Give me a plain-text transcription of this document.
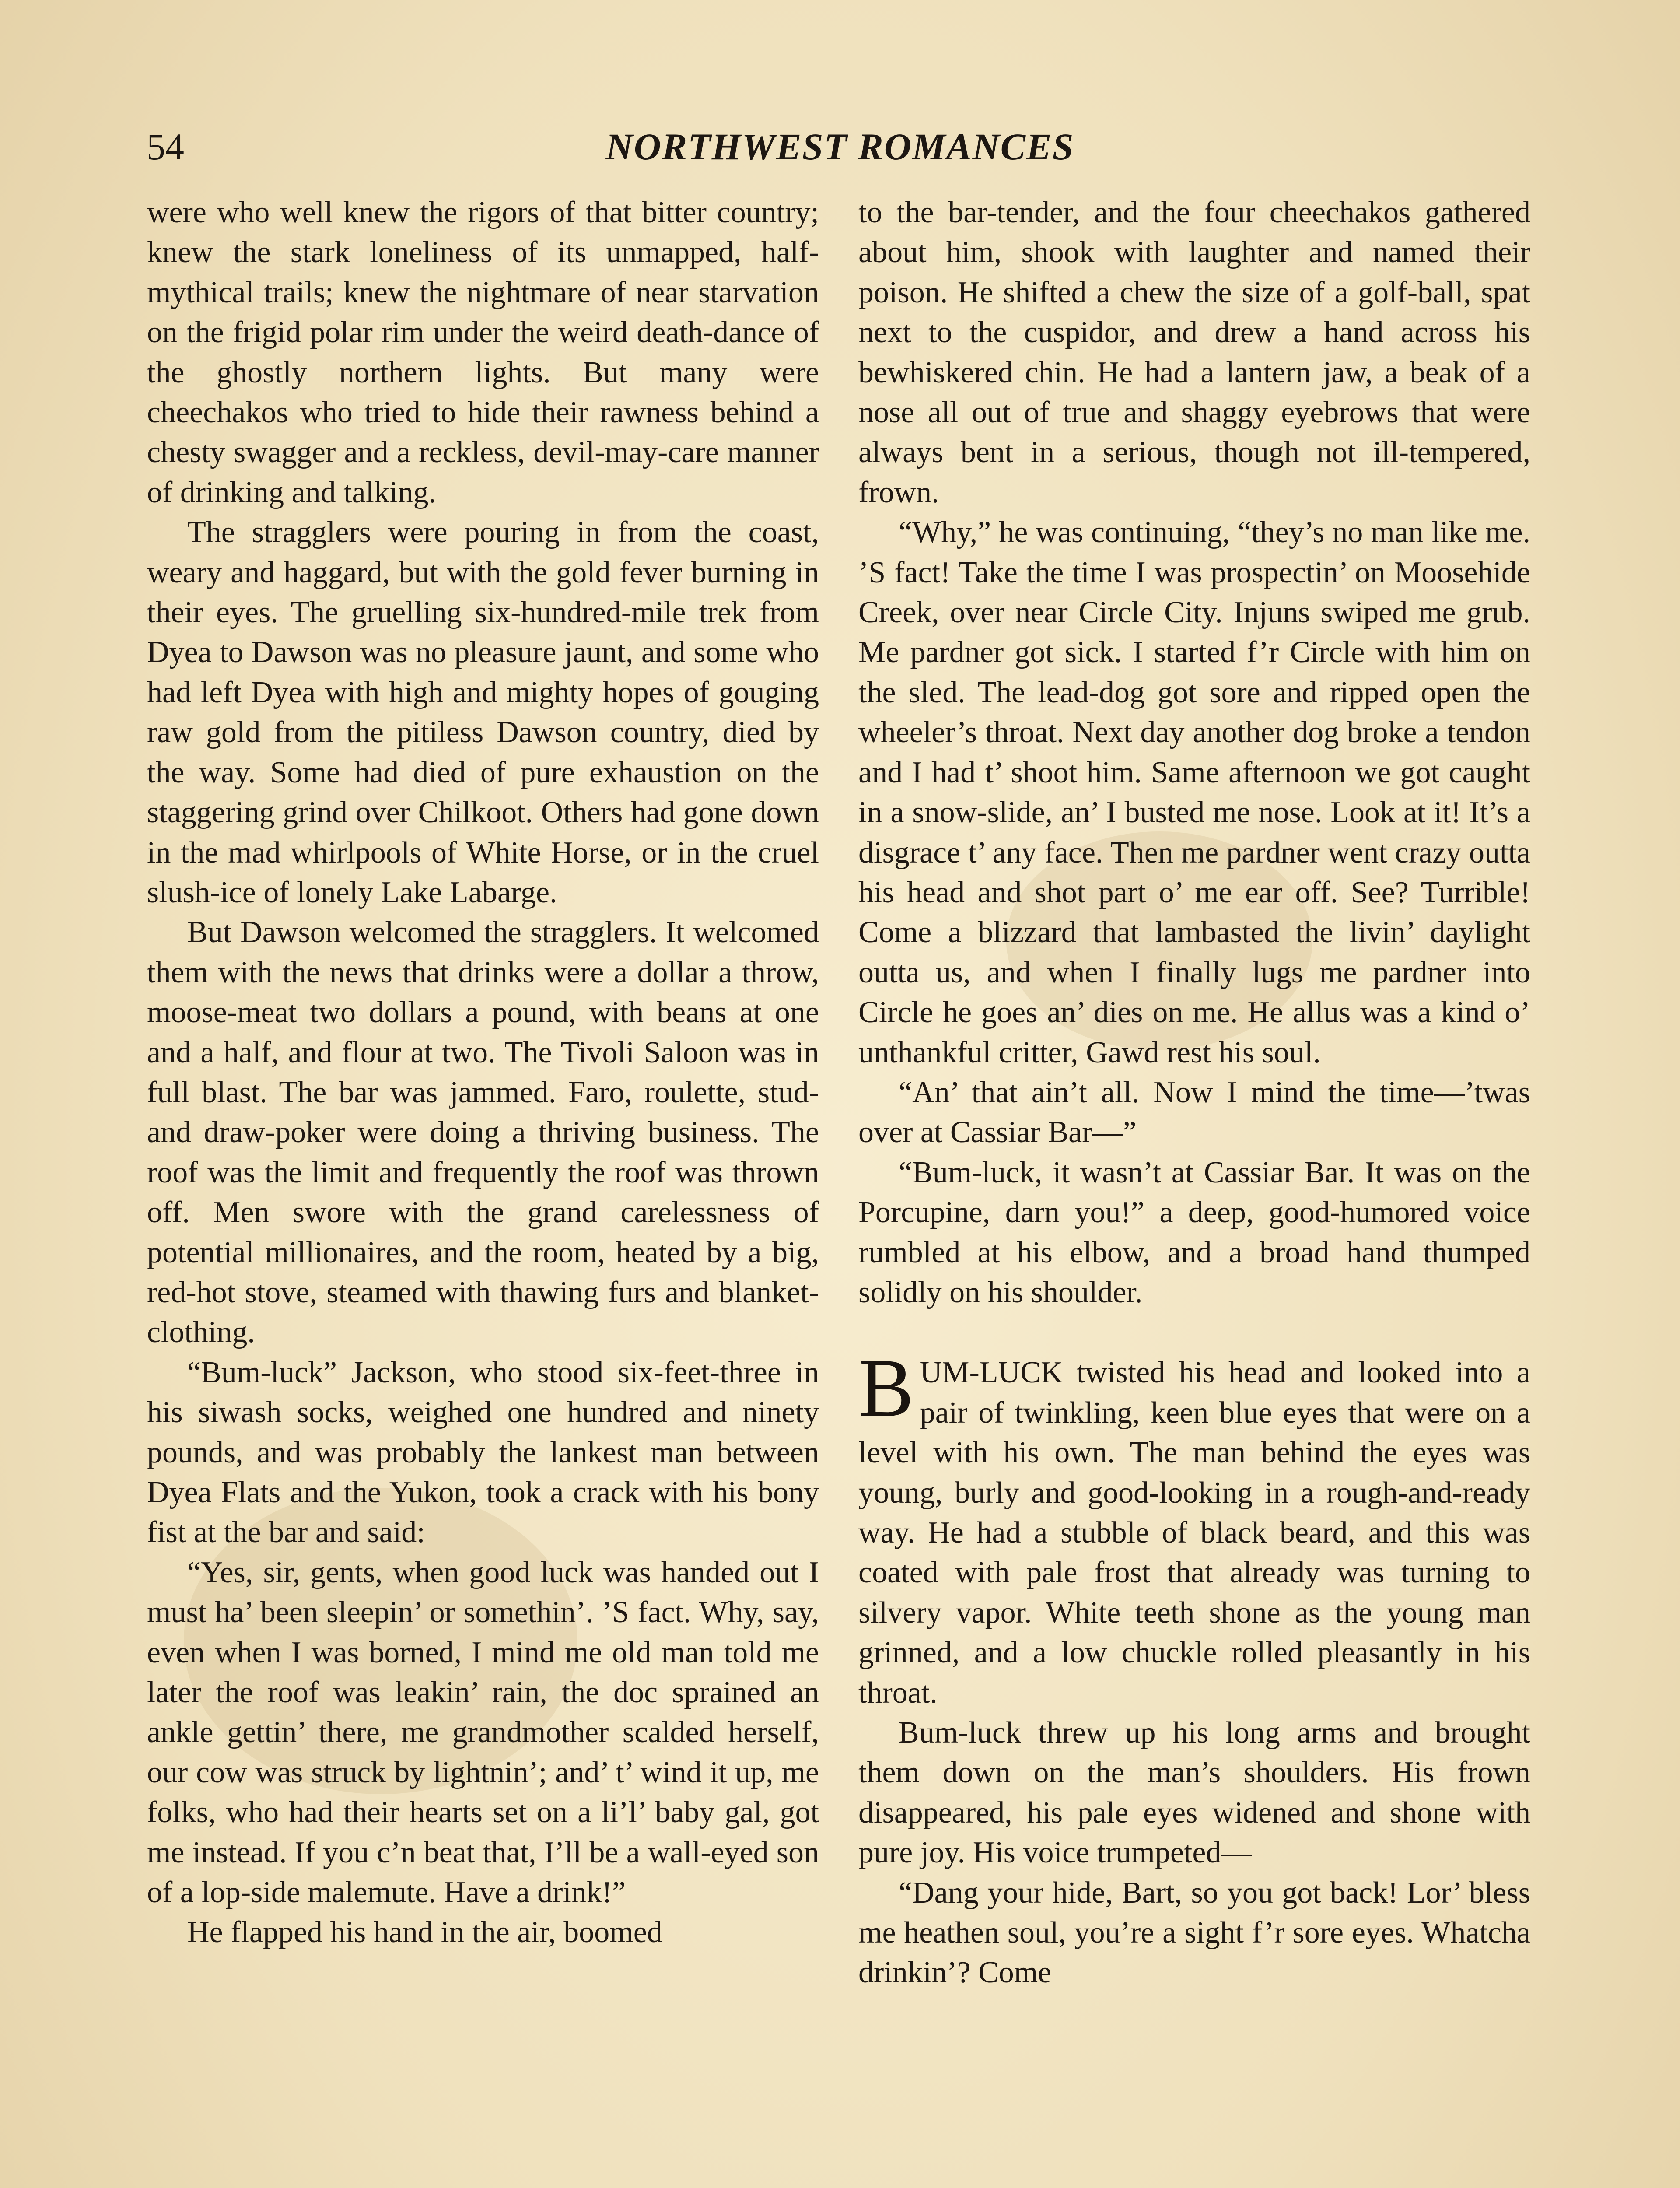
54	NORTHWEST ROMANCES

were who well knew the rigors of that bitter country; knew the stark loneliness of its unmapped, half-mythical trails; knew the nightmare of near starvation on the frigid polar rim under the weird death-dance of the ghostly northern lights. But many were cheechakos who tried to hide their rawness behind a chesty swagger and a reckless, devil-may-care manner of drinking and talking.

The stragglers were pouring in from the coast, weary and haggard, but with the gold fever burning in their eyes. The gruelling six-hundred-mile trek from Dyea to Dawson was no pleasure jaunt, and some who had left Dyea with high and mighty hopes of gouging raw gold from the pitiless Dawson country, died by the way. Some had died of pure exhaustion on the staggering grind over Chilkoot. Others had gone down in the mad whirlpools of White Horse, or in the cruel slush-ice of lonely Lake Labarge.

But Dawson welcomed the stragglers. It welcomed them with the news that drinks were a dollar a throw, moose-meat two dollars a pound, with beans at one and a half, and flour at two. The Tivoli Saloon was in full blast. The bar was jammed. Faro, roulette, stud- and draw-poker were doing a thriving business. The roof was the limit and frequently the roof was thrown off. Men swore with the grand carelessness of potential millionaires, and the room, heated by a big, red-hot stove, steamed with thawing furs and blanket-clothing.

“Bum-luck” Jackson, who stood six-feet-three in his siwash socks, weighed one hundred and ninety pounds, and was probably the lankest man between Dyea Flats and the Yukon, took a crack with his bony fist at the bar and said:

“Yes, sir, gents, when good luck was handed out I must ha’ been sleepin’ or somethin’. ’S fact. Why, say, even when I was borned, I mind me old man told me later the roof was leakin’ rain, the doc sprained an ankle gettin’ there, me grandmother scalded herself, our cow was struck by lightnin’; and’ t’ wind it up, me folks, who had their hearts set on a li’l’ baby gal, got me instead. If you c’n beat that, I’ll be a wall-eyed son of a lop-side malemute. Have a drink!”

He flapped his hand in the air, boomed

to the bar-tender, and the four cheechakos gathered about him, shook with laughter and named their poison. He shifted a chew the size of a golf-ball, spat next to the cuspidor, and drew a hand across his bewhiskered chin. He had a lantern jaw, a beak of a nose all out of true and shaggy eyebrows that were always bent in a serious, though not ill-tempered, frown.

“Why,” he was continuing, “they’s no man like me. ’S fact! Take the time I was prospectin’ on Moosehide Creek, over near Circle City. Injuns swiped me grub. Me pardner got sick. I started f’r Circle with him on the sled. The lead-dog got sore and ripped open the wheeler’s throat. Next day another dog broke a tendon and I had t’ shoot him. Same afternoon we got caught in a snow-slide, an’ I busted me nose. Look at it! It’s a disgrace t’ any face. Then me pardner went crazy outta his head and shot part o’ me ear off. See? Turrible! Come a blizzard that lambasted the livin’ daylight outta us, and when I finally lugs me pardner into Circle he goes an’ dies on me. He allus was a kind o’ unthankful critter, Gawd rest his soul.

“An’ that ain’t all. Now I mind the time—’twas over at Cassiar Bar—”

“Bum-luck, it wasn’t at Cassiar Bar. It was on the Porcupine, darn you!” a deep, good-humored voice rumbled at his elbow, and a broad hand thumped solidly on his shoulder.

BUM-LUCK twisted his head and looked into a pair of twinkling, keen blue eyes that were on a level with his own. The man behind the eyes was young, burly and good-looking in a rough-and-ready way. He had a stubble of black beard, and this was coated with pale frost that already was turning to silvery vapor. White teeth shone as the young man grinned, and a low chuckle rolled pleasantly in his throat.

Bum-luck threw up his long arms and brought them down on the man’s shoulders. His frown disappeared, his pale eyes widened and shone with pure joy. His voice trumpeted—

“Dang your hide, Bart, so you got back! Lor’ bless me heathen soul, you’re a sight f’r sore eyes. Whatcha drinkin’? Come
